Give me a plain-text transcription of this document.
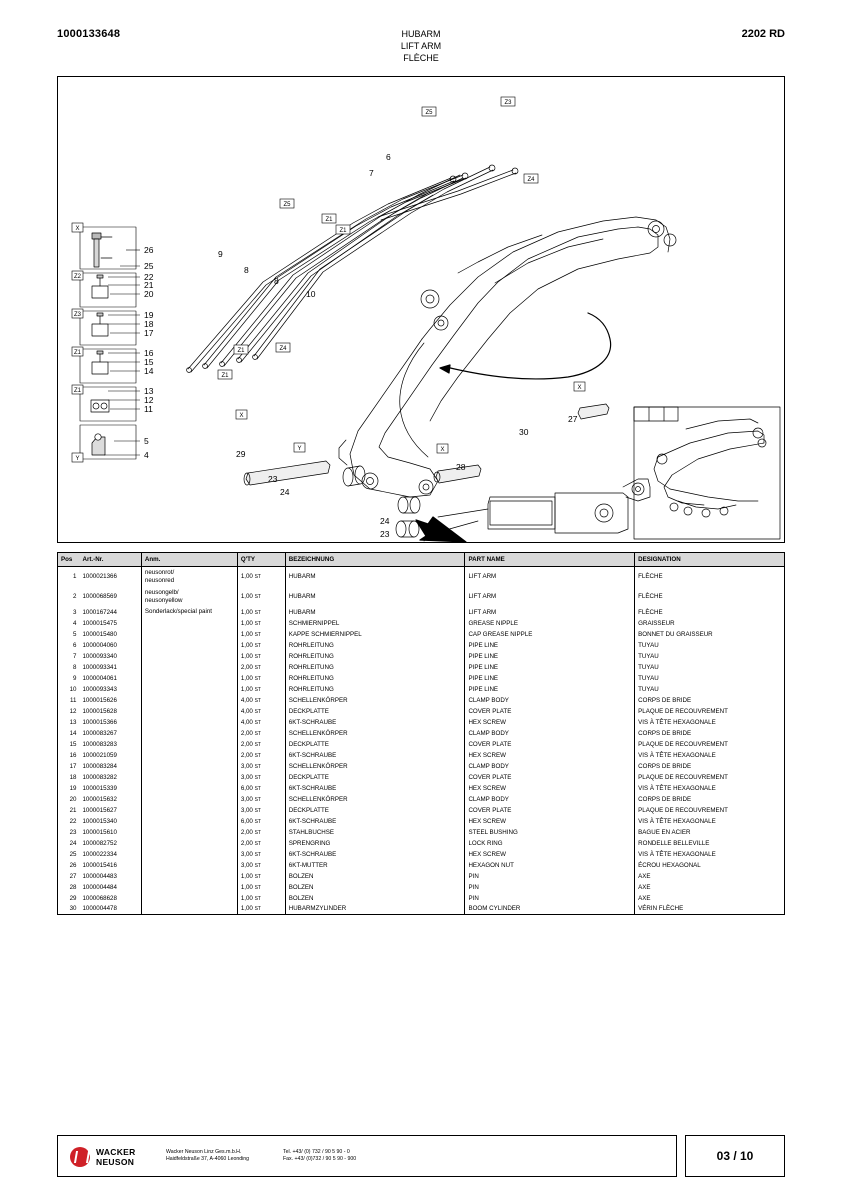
1000133648	HUBARM
LIFT ARM
FLÈCHE
2202 RD
Z3
Z5
Z4
Z5
Z1
Z1
Z1	Z4
Z1
X
Z2
Z3
Z1
Z1
Y
X
X
X
Y
26
25
22
21
20
19
18
17
16
15
14
13
12
11
5
4
6
7
9
8
8
10
27
30
28
29
23
24
24
23
Pos	Art.-Nr.	Anm.	Q'TY	BEZEICHNUNG	PART NAME	DESIGNATION
1	1000021366	neusonrot/
neusonred	1,00 ST	HUBARM	LIFT ARM	FLÈCHE
2	1000068569	neusongelb/
neusonyellow	1,00 ST	HUBARM	LIFT ARM	FLÈCHE
3	1000167244	Sonderlack/special paint	1,00 ST	HUBARM	LIFT ARM	FLÈCHE
4	1000015475		1,00 ST	SCHMIERNIPPEL	GREASE NIPPLE	GRAISSEUR
5	1000015480		1,00 ST	KAPPE SCHMIERNIPPEL	CAP GREASE NIPPLE	BONNET DU GRAISSEUR
6	1000004060		1,00 ST	ROHRLEITUNG	PIPE LINE	TUYAU
7	1000093340		1,00 ST	ROHRLEITUNG	PIPE LINE	TUYAU
8	1000093341		2,00 ST	ROHRLEITUNG	PIPE LINE	TUYAU
9	1000004061		1,00 ST	ROHRLEITUNG	PIPE LINE	TUYAU
10	1000093343		1,00 ST	ROHRLEITUNG	PIPE LINE	TUYAU
11	1000015626		4,00 ST	SCHELLENKÖRPER	CLAMP BODY	CORPS DE BRIDE
12	1000015628		4,00 ST	DECKPLATTE	COVER PLATE	PLAQUE DE RECOUVREMENT
13	1000015366		4,00 ST	6KT-SCHRAUBE	HEX SCREW	VIS À TÊTE HEXAGONALE
14	1000083267		2,00 ST	SCHELLENKÖRPER	CLAMP BODY	CORPS DE BRIDE
15	1000083283		2,00 ST	DECKPLATTE	COVER PLATE	PLAQUE DE RECOUVREMENT
16	1000021059		2,00 ST	6KT-SCHRAUBE	HEX SCREW	VIS À TÊTE HEXAGONALE
17	1000083284		3,00 ST	SCHELLENKÖRPER	CLAMP BODY	CORPS DE BRIDE
18	1000083282		3,00 ST	DECKPLATTE	COVER PLATE	PLAQUE DE RECOUVREMENT
19	1000015339		6,00 ST	6KT-SCHRAUBE	HEX SCREW	VIS À TÊTE HEXAGONALE
20	1000015632		3,00 ST	SCHELLENKÖRPER	CLAMP BODY	CORPS DE BRIDE
21	1000015627		3,00 ST	DECKPLATTE	COVER PLATE	PLAQUE DE RECOUVREMENT
22	1000015340		6,00 ST	6KT-SCHRAUBE	HEX SCREW	VIS À TÊTE HEXAGONALE
23	1000015610		2,00 ST	STAHLBUCHSE	STEEL BUSHING	BAGUE EN ACIER
24	1000082752		2,00 ST	SPRENGRING	LOCK RING	RONDELLE BELLEVILLE
25	1000022334		3,00 ST	6KT-SCHRAUBE	HEX SCREW	VIS À TÊTE HEXAGONALE
26	1000015416		3,00 ST	6KT-MUTTER	HEXAGON NUT	ÉCROU HEXAGONAL
27	1000004483		1,00 ST	BOLZEN	PIN	AXE
28	1000004484		1,00 ST	BOLZEN	PIN	AXE
29	1000068628		1,00 ST	BOLZEN	PIN	AXE
30	1000004478		1,00 ST	HUBARMZYLINDER	BOOM CYLINDER	VÉRIN FLÈCHE
WACKER
NEUSON
Wacker Neuson Linz Ges.m.b.H.
Haidfeldstraße 37, A-4060 Leonding
Tel. +43/ (0) 732 / 90 5 90 - 0
Fax. +43/ (0)732 / 90 5 90 - 900	03 / 10
